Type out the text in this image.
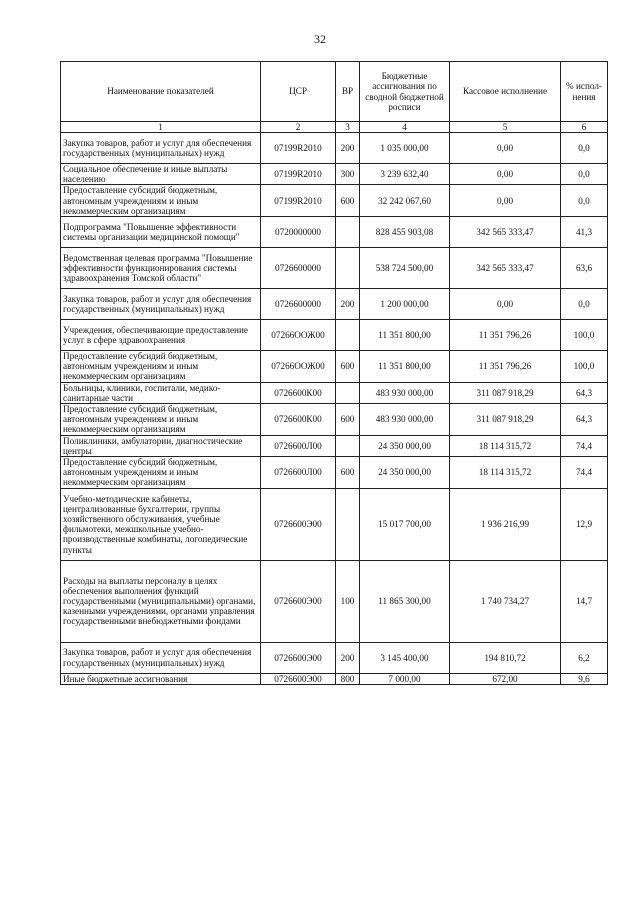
32
Наименование показателей	ЦСР	ВР	Бюджетные ассигнования по сводной бюджетной росписи	Кассовое исполнение	% испол-нения
1	2	3	4	5	6
Закупка товаров, работ и услуг для обеспечения государственных (муниципальных) нужд	07199R2010	200	1 035 000,00	0,00	0,0
Социальное обеспечение и иные выплаты населению	07199R2010	300	3 239 632,40	0,00	0,0
Предоставление субсидий бюджетным, автономным учреждениям и иным некоммерческим организациям	07199R2010	600	32 242 067,60	0,00	0,0
Подпрограмма "Повышение эффективности системы организации медицинской помощи"	0720000000		828 455 903,08	342 565 333,47	41,3
Ведомственная целевая программа "Повышение эффективности функционирования системы здравоохранения Томской области"	0726600000		538 724 500,00	342 565 333,47	63,6
Закупка товаров, работ и услуг для обеспечения государственных (муниципальных) нужд	0726600000	200	1 200 000,00	0,00	0,0
Учреждения, обеспечивающие предоставление услуг в сфере здравоохранения	07266ООЖ00		11 351 800,00	11 351 796,26	100,0
Предоставление субсидий бюджетным, автономным учреждениям и иным некоммерческим организациям	07266ООЖ00	600	11 351 800,00	11 351 796,26	100,0
Больницы, клиники, госпитали, медико-санитарные части	0726600К00		483 930 000,00	311 087 918,29	64,3
Предоставление субсидий бюджетным, автономным учреждениям и иным некоммерческим организациям	0726600К00	600	483 930 000,00	311 087 918,29	64,3
Поликлиники, амбулатории, диагностические центры	0726600Л00		24 350 000,00	18 114 315,72	74,4
Предоставление субсидий бюджетным, автономным учреждениям и иным некоммерческим организациям	0726600Л00	600	24 350 000,00	18 114 315,72	74,4
Учебно-методические кабинеты, централизованные бухгалтерии, группы хозяйственного обслуживания, учебные фильмотеки, межшкольные учебно-производственные комбинаты, логопедические пункты	0726600Э00		15 017 700,00	1 936 216,99	12,9
Расходы на выплаты персоналу в целях обеспечения выполнения функций государственными (муниципальными) органами, казенными учреждениями, органами управления государственными внебюджетными фондами	0726600Э00	100	11 865 300,00	1 740 734,27	14,7
Закупка товаров, работ и услуг для обеспечения государственных (муниципальных) нужд	0726600Э00	200	3 145 400,00	194 810,72	6,2
Иные бюджетные ассигнования	0726600Э00	800	7 000,00	672,00	9,6
